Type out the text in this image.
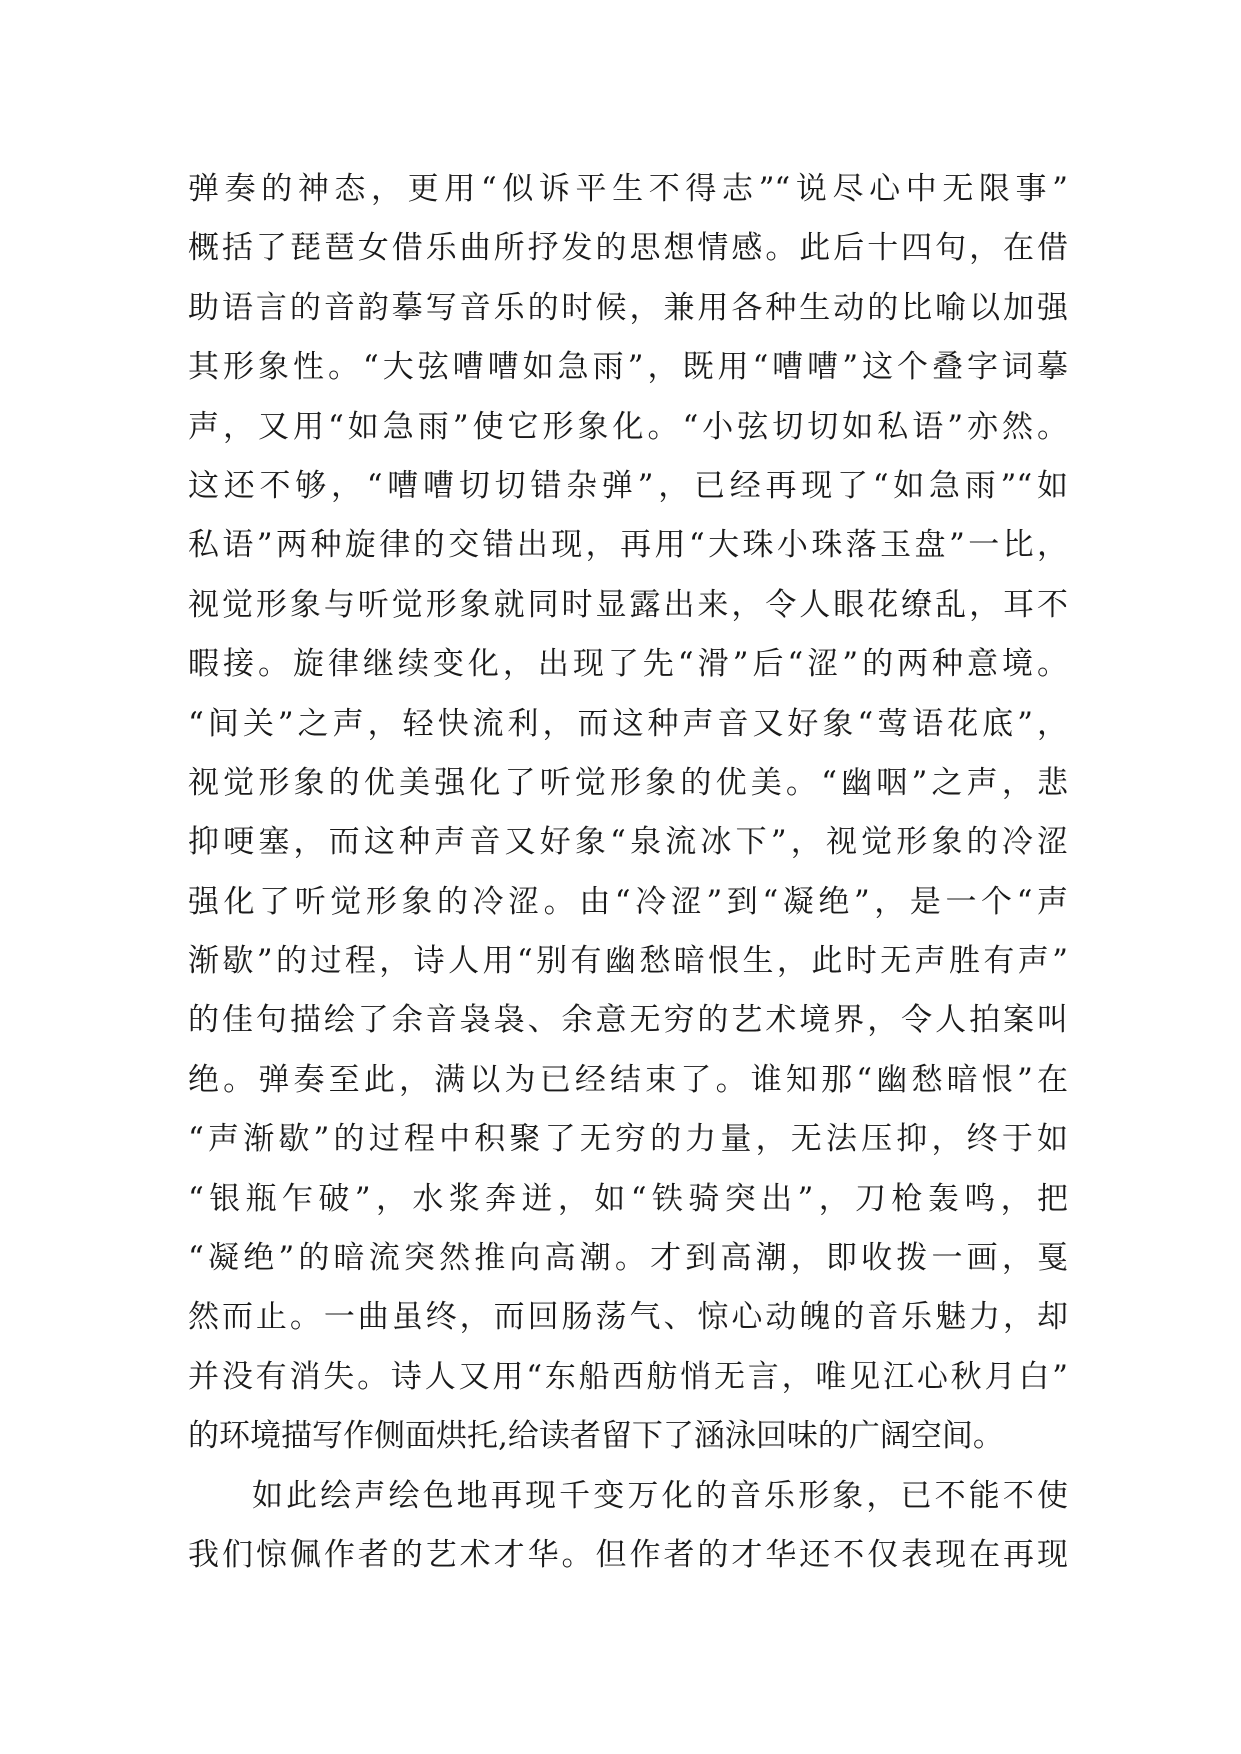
弹奏的神态，更用“似诉平生不得志”“说尽心中无限事”
概括了琵琶女借乐曲所抒发的思想情感。此后十四句，在借
助语言的音韵摹写音乐的时候，兼用各种生动的比喻以加强
其形象性。“大弦嘈嘈如急雨”，既用“嘈嘈”这个叠字词摹
声，又用“如急雨”使它形象化。“小弦切切如私语”亦然。
这还不够，“嘈嘈切切错杂弹”，已经再现了“如急雨”“如
私语”两种旋律的交错出现，再用“大珠小珠落玉盘”一比，
视觉形象与听觉形象就同时显露出来，令人眼花缭乱，耳不
暇接。旋律继续变化，出现了先“滑”后“涩”的两种意境。
“间关”之声，轻快流利，而这种声音又好象“莺语花底”，
视觉形象的优美强化了听觉形象的优美。“幽咽”之声，悲
抑哽塞，而这种声音又好象“泉流冰下”，视觉形象的冷涩
强化了听觉形象的冷涩。由“冷涩”到“凝绝”，是一个“声
渐歇”的过程，诗人用“别有幽愁暗恨生，此时无声胜有声”
的佳句描绘了余音袅袅、余意无穷的艺术境界，令人拍案叫
绝。弹奏至此，满以为已经结束了。谁知那“幽愁暗恨”在
“声渐歇”的过程中积聚了无穷的力量，无法压抑，终于如
“银瓶乍破”，水浆奔迸，如“铁骑突出”，刀枪轰鸣，把
“凝绝”的暗流突然推向高潮。才到高潮，即收拨一画，戛
然而止。一曲虽终，而回肠荡气、惊心动魄的音乐魅力，却
并没有消失。诗人又用“东船西舫悄无言，唯见江心秋月白”
的环境描写作侧面烘托,给读者留下了涵泳回味的广阔空间。
如此绘声绘色地再现千变万化的音乐形象，已不能不使
我们惊佩作者的艺术才华。但作者的才华还不仅表现在再现
